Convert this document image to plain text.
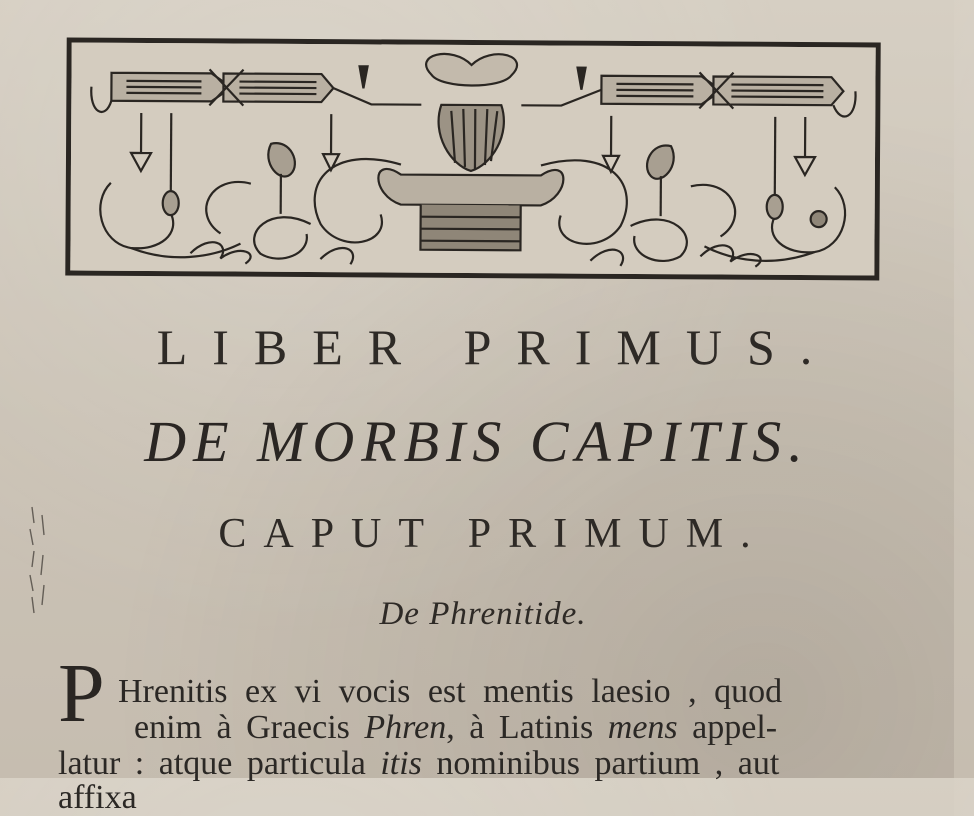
LIBER PRIMUS.
DE MORBIS CAPITIS.
CAPUT PRIMUM.
De Phrenitide.
P Hrenitis ex vi vocis est mentis laesio , quod
enim à Graecis Phren, à Latinis mens appel-
latur : atque particula itis nominibus partium , aut
affixa
